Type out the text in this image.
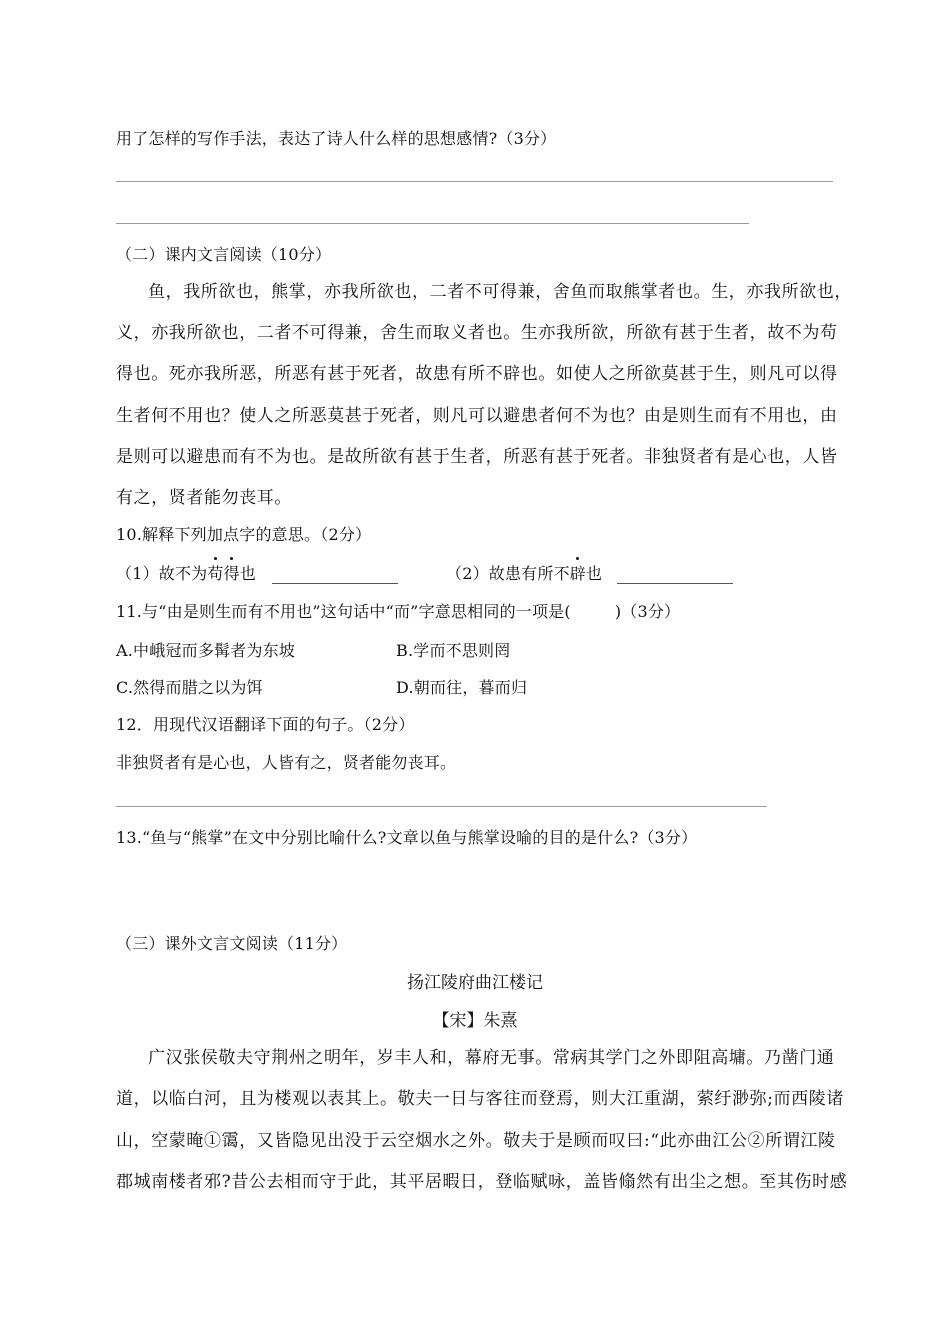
用了怎样的写作手法，表达了诗人什么样的思想感情?（3分）
（二）课内文言阅读（10分）
鱼，我所欲也，熊掌，亦我所欲也，二者不可得兼，舍鱼而取熊掌者也。生，亦我所欲也，
义，亦我所欲也，二者不可得兼，舍生而取义者也。生亦我所欲，所欲有甚于生者，故不为苟
得也。死亦我所恶，所恶有甚于死者，故患有所不辟也。如使人之所欲莫甚于生，则凡可以得
生者何不用也？使人之所恶莫甚于死者，则凡可以避患者何不为也？由是则生而有不用也，由
是则可以避患而有不为也。是故所欲有甚于生者，所恶有甚于死者。非独贤者有是心也，人皆
有之，贤者能勿丧耳。
10.解释下列加点字的意思。（2分）
（1）故不为苟得也	（2）故患有所不辟也
11.与“由是则生而有不用也”这句话中“而”字意思相同的一项是(	)（3分）
A.中峨冠而多髯者为东坡	B.学而不思则罔
C.然得而腊之以为饵	D.朝而往，暮而归
12．用现代汉语翻译下面的句子。（2分）
非独贤者有是心也，人皆有之，贤者能勿丧耳。
13.“鱼与“熊掌”在文中分别比喻什么?文章以鱼与熊掌设喻的目的是什么?（3分）
（三）课外文言文阅读（11分）
扬江陵府曲江楼记
【宋】朱熹
广汉张侯敬夫守荆州之明年，岁丰人和，幕府无事。常病其学门之外即阻高墉。乃凿门通
道，以临白河，且为楼观以表其上。敬夫一日与客往而登焉，则大江重湖，萦纡渺弥;而西陵诸
山，空蒙晻①霭，又皆隐见出没于云空烟水之外。敬夫于是顾而叹曰:“此亦曲江公②所谓江陵
郡城南楼者邪?昔公去相而守于此，其平居暇日，登临赋咏，盖皆翛然有出尘之想。至其伤时感
